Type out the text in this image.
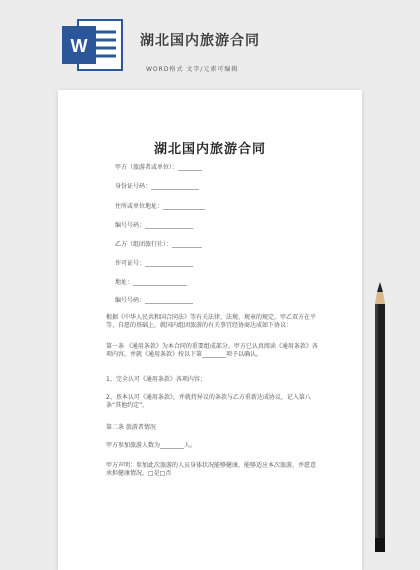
W	湖北国内旅游合同
WORD格式 文字/元素可编辑
湖北国内旅游合同
甲方（旅游者或单位）：________
身份证号码：________________
住所或单位地址：______________
编号号码：________________
乙方（组团旅行社）：__________
许可证号：________________
地址：__________________
编号号码：________________
根据《中华人民共和国合同法》等有关法律、法规、规章的规定，甲乙双方在平等、自愿的基础上，就国内组团旅游的有关事宜经协商达成如下协议：
第一条 《通用条款》为本合同的重要组成部分。甲方已认真阅读《通用条款》各项内容，并就《通用条款》按以下第________项予以确认。
1、完全认可《通用条款》各项内容；
2、基本认可《通用条款》，并就持异议的条款与乙方重新达成协议，记入第八条“其他约定”。
第二条 旅游者情况
甲方参加旅游人数为________人。
甲方声明：参加此次旅游的人员身体状况能够健康，能够适应本次旅游，并愿意承担健康情况。□是□否
